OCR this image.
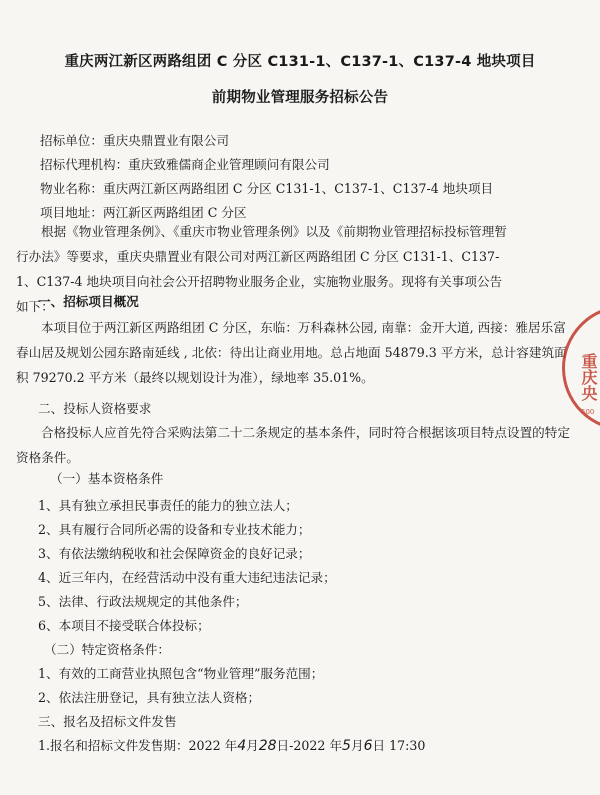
重庆两江新区两路组团 C 分区 C131-1、C137-1、C137-4 地块项目
前期物业管理服务招标公告
招标单位：重庆央鼎置业有限公司
招标代理机构：重庆致雅儒商企业管理顾问有限公司
物业名称：重庆两江新区两路组团 C 分区 C131-1、C137-1、C137-4 地块项目
项目地址：两江新区两路组团 C 分区
根据《物业管理条例》、《重庆市物业管理条例》以及《前期物业管理招标投标管理暂行办法》等要求，重庆央鼎置业有限公司对两江新区两路组团 C 分区 C131-1、C137-1、C137-4 地块项目向社会公开招聘物业服务企业，实施物业服务。现将有关事项公告如下：
一、招标项目概况
本项目位于两江新区两路组团 C 分区，东临：万科森林公园, 南靠：金开大道, 西接：雅居乐富春山居及规划公园东路南延线 , 北依：待出让商业用地。总占地面 54879.3 平方米，总计容建筑面积 79270.2 平方米（最终以规划设计为准），绿地率 35.01%。
二、投标人资格要求
合格投标人应首先符合采购法第二十二条规定的基本条件，同时符合根据该项目特点设置的特定资格条件。
（一）基本资格条件
1、具有独立承担民事责任的能力的独立法人；
2、具有履行合同所必需的设备和专业技术能力；
3、有依法缴纳税收和社会保障资金的良好记录；
4、近三年内，在经营活动中没有重大违纪违法记录；
5、法律、行政法规规定的其他条件；
6、本项目不接受联合体投标；
（二）特定资格条件：
1、有效的工商营业执照包含“物业管理”服务范围；
2、依法注册登记，具有独立法人资格；
三、报名及招标文件发售
1.报名和招标文件发售期：2022 年4月28日-2022 年5月6日 17:30
重庆央
500
